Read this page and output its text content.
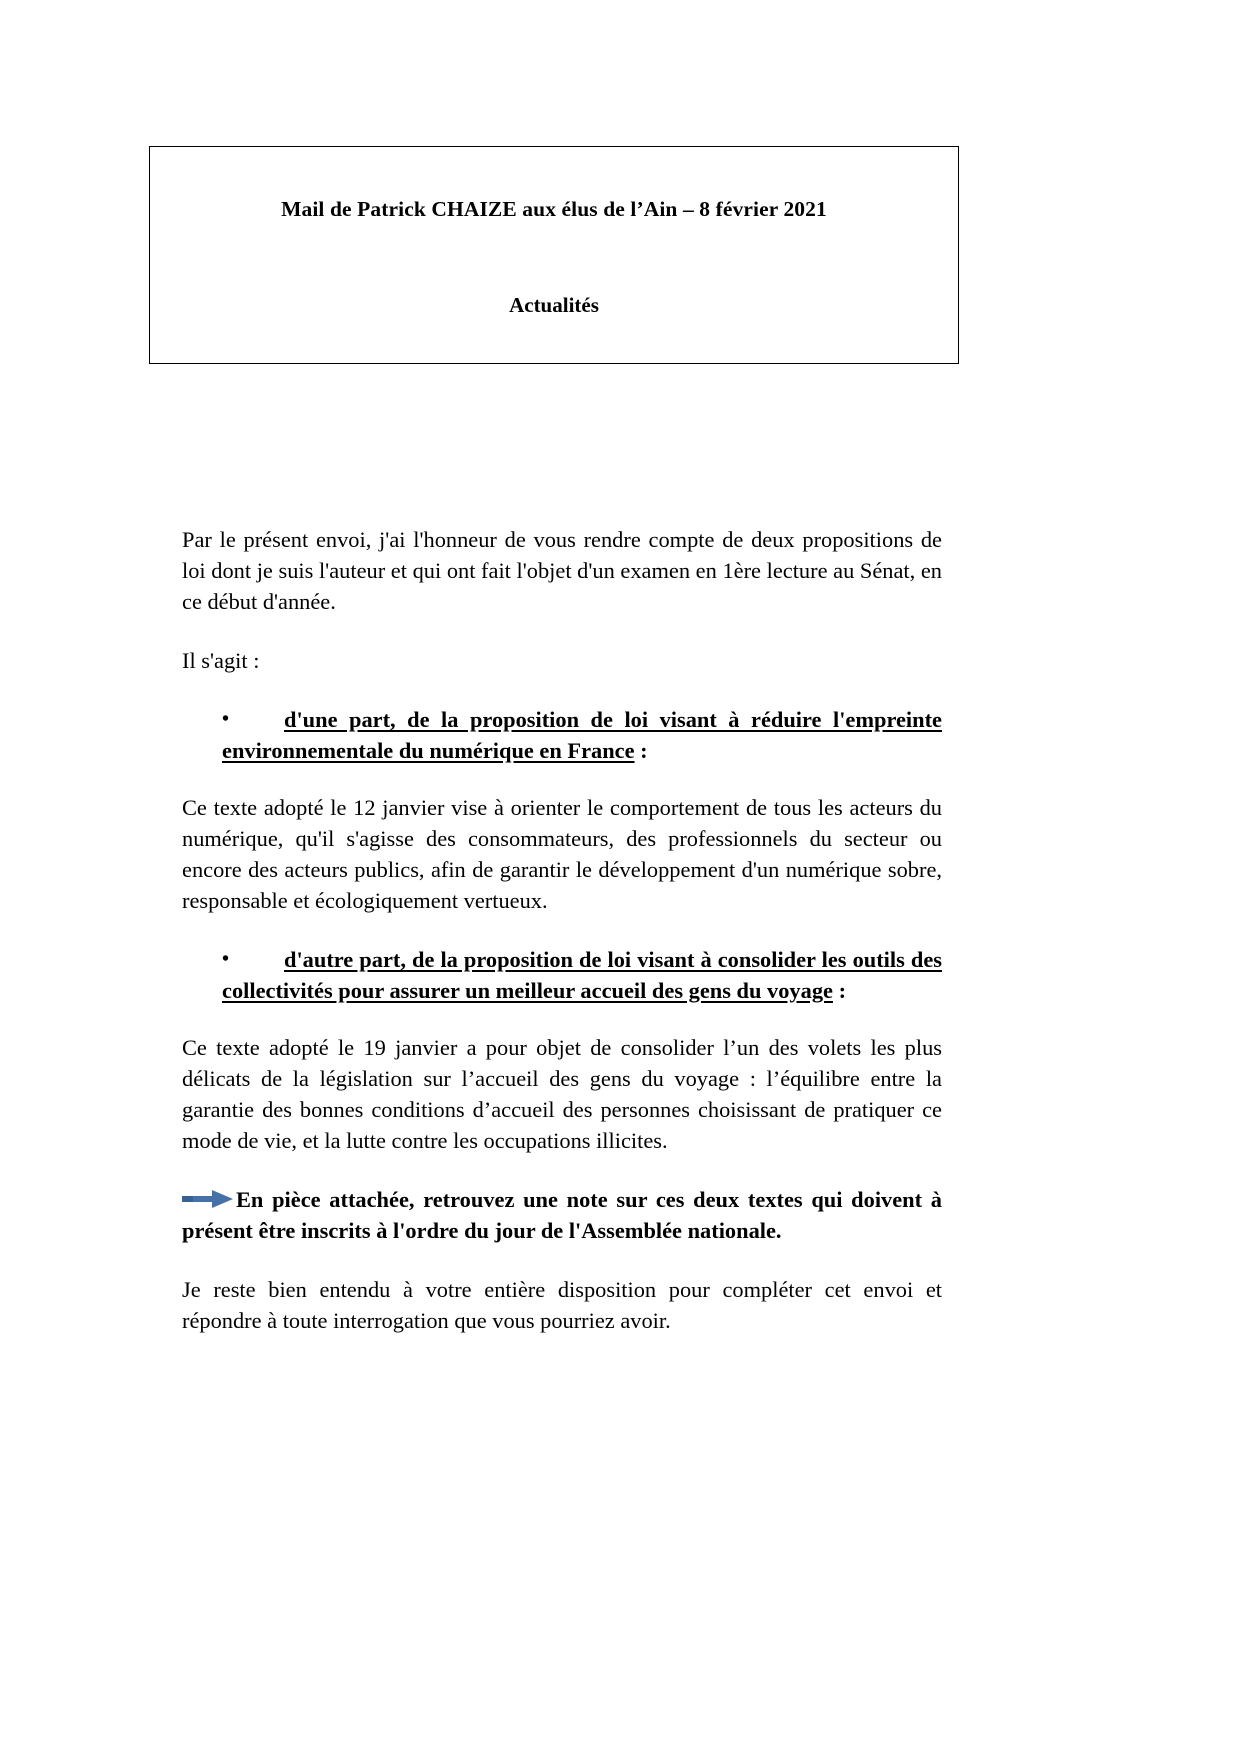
Mail de Patrick CHAIZE aux élus de l’Ain – 8 février 2021
Actualités

Par le présent envoi, j'ai l'honneur de vous rendre compte de deux propositions de loi dont je suis l'auteur et qui ont fait l'objet d'un examen en 1ère lecture au Sénat, en ce début d'année.

Il s'agit :

• d'une part, de la proposition de loi visant à réduire l'empreinte environnementale du numérique en France :

Ce texte adopté le 12 janvier vise à orienter le comportement de tous les acteurs du numérique, qu'il s'agisse des consommateurs, des professionnels du secteur ou encore des acteurs publics, afin de garantir le développement d'un numérique sobre, responsable et écologiquement vertueux.

• d'autre part, de la proposition de loi visant à consolider les outils des collectivités pour assurer un meilleur accueil des gens du voyage :

Ce texte adopté le 19 janvier a pour objet de consolider l’un des volets les plus délicats de la législation sur l’accueil des gens du voyage : l’équilibre entre la garantie des bonnes conditions d’accueil des personnes choisissant de pratiquer ce mode de vie, et la lutte contre les occupations illicites.

En pièce attachée, retrouvez une note sur ces deux textes qui doivent à présent être inscrits à l'ordre du jour de l'Assemblée nationale.

Je reste bien entendu à votre entière disposition pour compléter cet envoi et répondre à toute interrogation que vous pourriez avoir.
